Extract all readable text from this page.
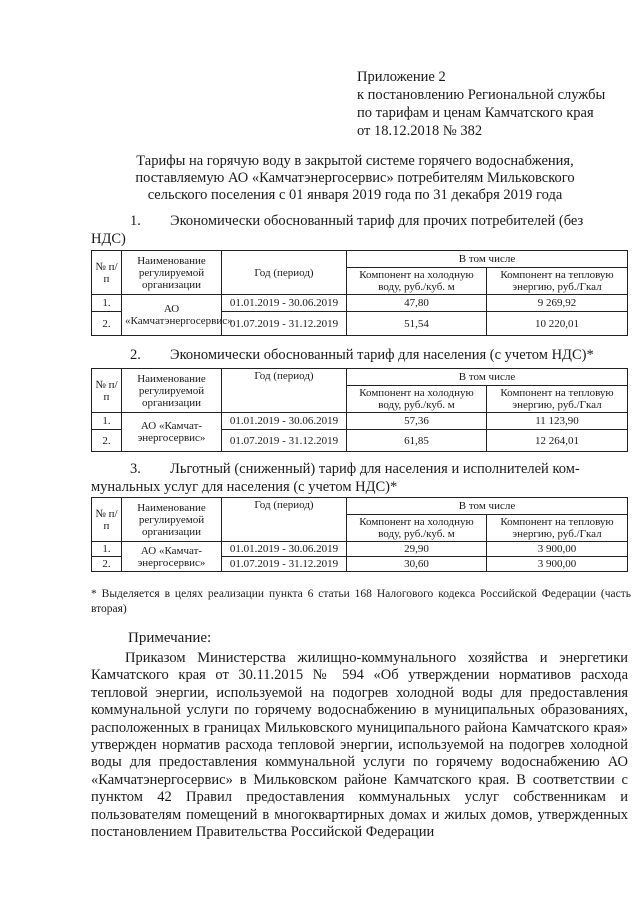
Приложение 2
к постановлению Региональной службы
по тарифам и ценам Камчатского края
от 18.12.2018 № 382
Тарифы на горячую воду в закрытой системе горячего водоснабжения,
поставляемую АО «Камчатэнергосервис» потребителям Мильковского
сельского поселения с 01 января 2019 года по 31 декабря 2019 года
1. Экономически обоснованный тариф для прочих потребителей (без
НДС)
№ п/п	Наименование регулируемой организации	Год (период)	В том числе	
			Компонент на холодную воду, руб./куб. м	Компонент на тепловую энергию, руб./Гкал
1.	АО «Камчатэнергосервис»	01.01.2019 - 30.06.2019	47,80	9 269,92
2.		01.07.2019 - 31.12.2019	51,54	10 220,01
2. Экономически обоснованный тариф для населения (с учетом НДС)*
№ п/п	Наименование регулируемой организации	Год (период)	В том числе	
			Компонент на холодную воду, руб./куб. м	Компонент на тепловую энергию, руб./Гкал
1.	АО «Камчат-энергосервис»	01.01.2019 - 30.06.2019	57,36	11 123,90
2.		01.07.2019 - 31.12.2019	61,85	12 264,01
3. Льготный (сниженный) тариф для населения и исполнителей ком-
мунальных услуг для населения (с учетом НДС)*
№ п/п	Наименование регулируемой организации	Год (период)	В том числе	
			Компонент на холодную воду, руб./куб. м	Компонент на тепловую энергию, руб./Гкал
1.	АО «Камчат-энергосервис»	01.01.2019 - 30.06.2019	29,90	3 900,00
2.		01.07.2019 - 31.12.2019	30,60	3 900,00
* Выделяется в целях реализации пункта 6 статьи 168 Налогового кодекса Российской Федерации (часть вторая)
Примечание:
Приказом Министерства жилищно-коммунального хозяйства и энергетики Камчатского края от 30.11.2015 № 594 «Об утверждении нормативов расхода тепловой энергии, используемой на подогрев холодной воды для предоставления коммунальной услуги по горячему водоснабжению в муниципальных образованиях, расположенных в границах Мильковского муниципального района Камчатского края» утвержден норматив расхода тепловой энергии, используемой на подогрев холодной воды для предоставления коммунальной услуги по горячему водоснабжению АО «Камчатэнергосервис» в Мильковском районе Камчатского края. В соответствии с пунктом 42 Правил предоставления коммунальных услуг собственникам и пользователям помещений в многоквартирных домах и жилых домов, утвержденных постановлением Правительства Российской Федерации
